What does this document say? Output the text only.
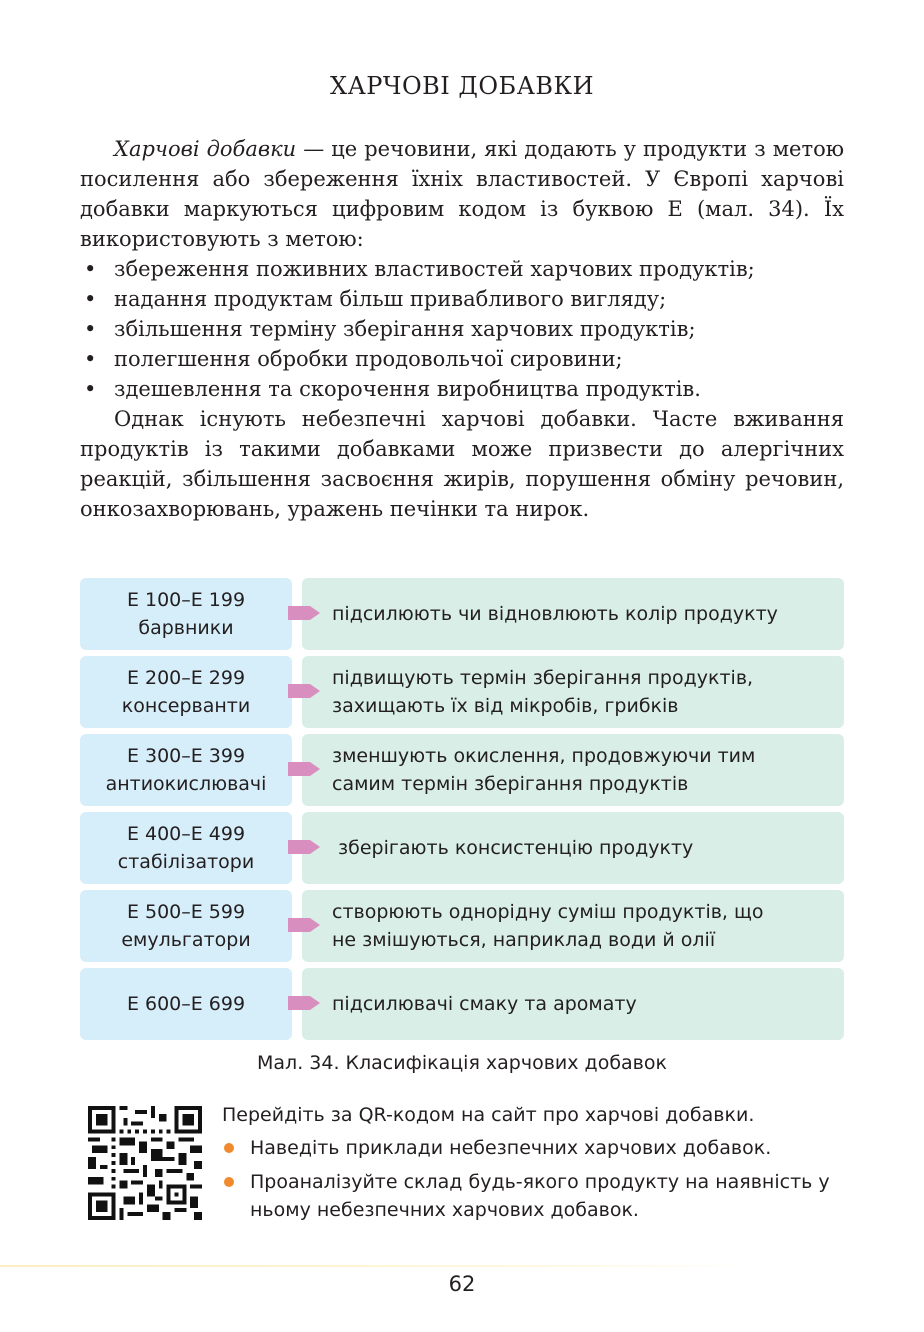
ХАРЧОВІ ДОБАВКИ

Харчові добавки — це речовини, які додають у продукти з метою посилення або збереження їхніх властивостей. У Європі харчові добавки маркуються цифровим кодом із буквою Е (мал. 34). Їх використовують з метою:

• збереження поживних властивостей харчових продуктів;
• надання продуктам більш привабливого вигляду;
• збільшення терміну зберігання харчових продуктів;
• полегшення обробки продовольчої сировини;
• здешевлення та скорочення виробництва продуктів.

Однак існують небезпечні харчові добавки. Часте вживання продуктів із такими добавками може призвести до алергічних реакцій, збільшення засвоєння жирів, порушення обміну речовин, онкозахворювань, уражень печінки та нирок.

Е 100–Е 199
барвники
підсилюють чи відновлюють колір продукту
Е 200–Е 299
консерванти
підвищують термін зберігання продуктів,
захищають їх від мікробів, грибків
Е 300–Е 399
антиокислювачі
зменшують окислення, продовжуючи тим
самим термін зберігання продуктів
Е 400–Е 499
стабілізатори
зберігають консистенцію продукту
Е 500–Е 599
емульгатори
створюють однорідну суміш продуктів, що
не змішуються, наприклад води й олії
Е 600–Е 699	підсилювачі смаку та аромату
Мал. 34. Класифікація харчових добавок

Перейдіть за QR-кодом на сайт про харчові добавки.

Наведіть приклади небезпечних харчових добавок.
Проаналізуйте склад будь-якого продукту на наявність у ньому небезпечних харчових добавок.
62
